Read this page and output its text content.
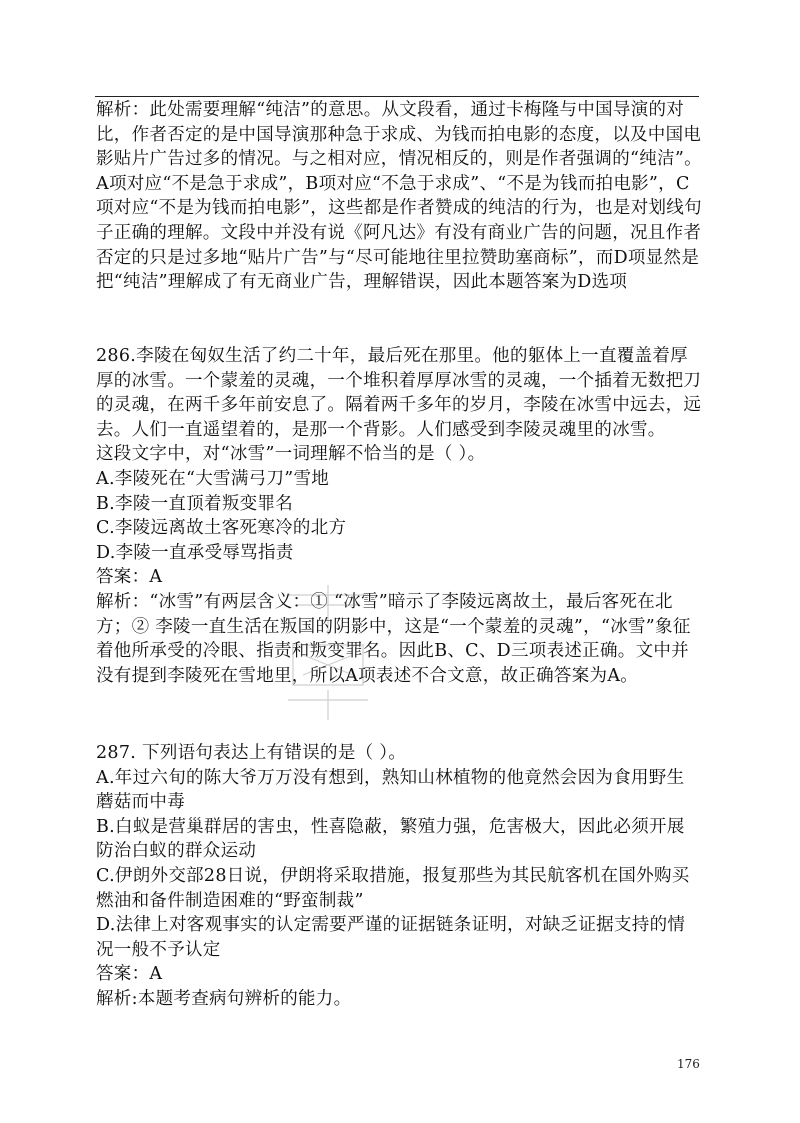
解析：此处需要理解“纯洁”的意思。从文段看，通过卡梅隆与中国导演的对比，作者否定的是中国导演那种急于求成、为钱而拍电影的态度，以及中国电影贴片广告过多的情况。与之相对应，情况相反的，则是作者强调的“纯洁”。A项对应“不是急于求成”，B项对应“不急于求成”、“不是为钱而拍电影”，C项对应“不是为钱而拍电影”，这些都是作者赞成的纯洁的行为，也是对划线句子正确的理解。文段中并没有说《阿凡达》有没有商业广告的问题，况且作者否定的只是过多地“贴片广告”与“尽可能地往里拉赞助塞商标”，而D项显然是把“纯洁”理解成了有无商业广告，理解错误，因此本题答案为D选项

286.李陵在匈奴生活了约二十年，最后死在那里。他的躯体上一直覆盖着厚厚的冰雪。一个蒙羞的灵魂，一个堆积着厚厚冰雪的灵魂，一个插着无数把刀的灵魂，在两千多年前安息了。隔着两千多年的岁月，李陵在冰雪中远去，远去。人们一直遥望着的，是那一个背影。人们感受到李陵灵魂里的冰雪。

这段文字中，对“冰雪”一词理解不恰当的是（ ）。

A.李陵死在“大雪满弓刀”雪地

B.李陵一直顶着叛变罪名

C.李陵远离故土客死寒冷的北方

D.李陵一直承受辱骂指责

答案：A

解析：“冰雪”有两层含义：① “冰雪”暗示了李陵远离故土，最后客死在北方；② 李陵一直生活在叛国的阴影中，这是“一个蒙羞的灵魂”，“冰雪”象征着他所承受的冷眼、指责和叛变罪名。因此B、C、D三项表述正确。文中并没有提到李陵死在雪地里，所以A项表述不合文意，故正确答案为A。

287. 下列语句表达上有错误的是（ ）。

A.年过六旬的陈大爷万万没有想到，熟知山林植物的他竟然会因为食用野生蘑菇而中毒

B.白蚁是营巢群居的害虫，性喜隐蔽，繁殖力强，危害极大，因此必须开展防治白蚁的群众运动

C.伊朗外交部28日说，伊朗将采取措施，报复那些为其民航客机在国外购买燃油和备件制造困难的“野蛮制裁”

D.法律上对客观事实的认定需要严谨的证据链条证明，对缺乏证据支持的情况一般不予认定

答案：A

解析:本题考查病句辨析的能力。

176
